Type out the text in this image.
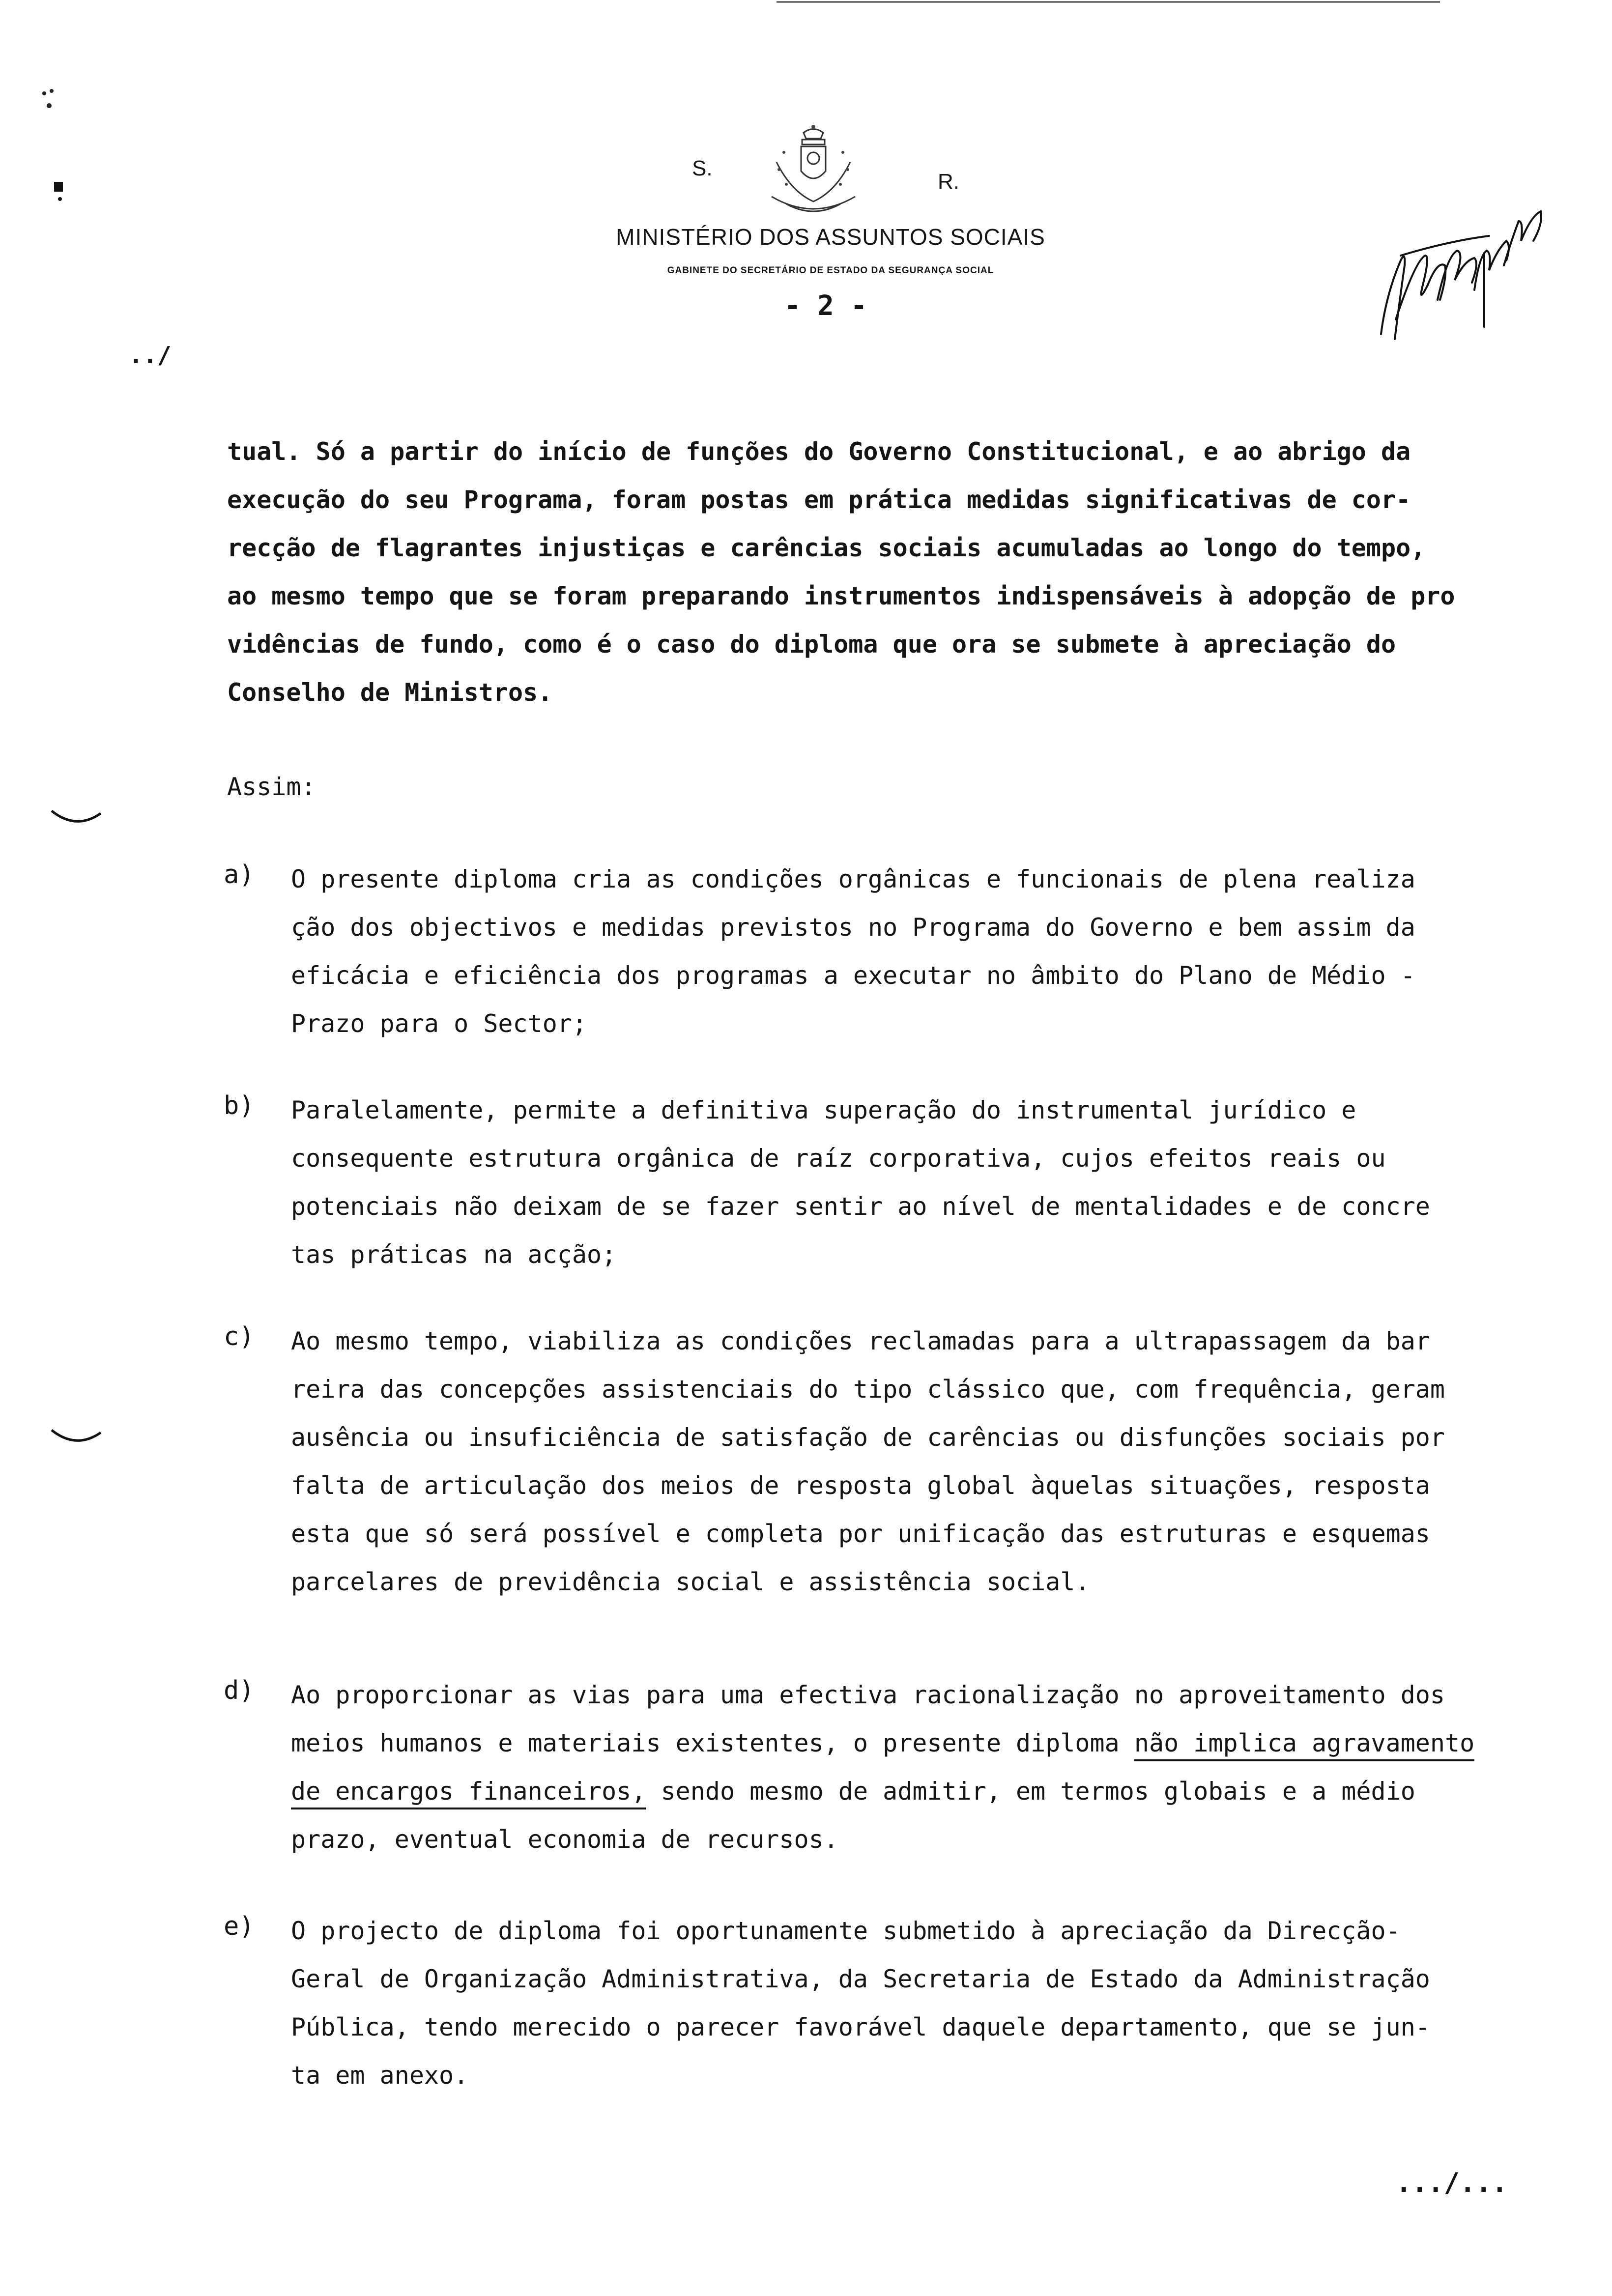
S.
R.
MINISTÉRIO DOS ASSUNTOS SOCIAIS
GABINETE DO SECRETÁRIO DE ESTADO DA SEGURANÇA SOCIAL
- 2 -
../

tual. Só a partir do início de funções do Governo Constitucional, e ao abrigo da

execução do seu Programa, foram postas em prática medidas significativas de cor-

recção de flagrantes injustiças e carências sociais acumuladas ao longo do tempo,

ao mesmo tempo que se foram preparando instrumentos indispensáveis à adopção de pro

vidências de fundo, como é o caso do diploma que ora se submete à apreciação do

Conselho de Ministros.

Assim:
a) O presente diploma cria as condições orgânicas e funcionais de plena realiza

ção dos objectivos e medidas previstos no Programa do Governo e bem assim da

eficácia e eficiência dos programas a executar no âmbito do Plano de Médio -

Prazo para o Sector;

b) Paralelamente, permite a definitiva superação do instrumental jurídico e

consequente estrutura orgânica de raíz corporativa, cujos efeitos reais ou

potenciais não deixam de se fazer sentir ao nível de mentalidades e de concre

tas práticas na acção;

c) Ao mesmo tempo, viabiliza as condições reclamadas para a ultrapassagem da bar

reira das concepções assistenciais do tipo clássico que, com frequência, geram

ausência ou insuficiência de satisfação de carências ou disfunções sociais por

falta de articulação dos meios de resposta global àquelas situações, resposta

esta que só será possível e completa por unificação das estruturas e esquemas

parcelares de previdência social e assistência social.

d) Ao proporcionar as vias para uma efectiva racionalização no aproveitamento dos

meios humanos e materiais existentes, o presente diploma não implica agravamento

de encargos financeiros, sendo mesmo de admitir, em termos globais e a médio

prazo, eventual economia de recursos.

e) O projecto de diploma foi oportunamente submetido à apreciação da Direcção-

Geral de Organização Administrativa, da Secretaria de Estado da Administração

Pública, tendo merecido o parecer favorável daquele departamento, que se jun-

ta em anexo.

.../...
